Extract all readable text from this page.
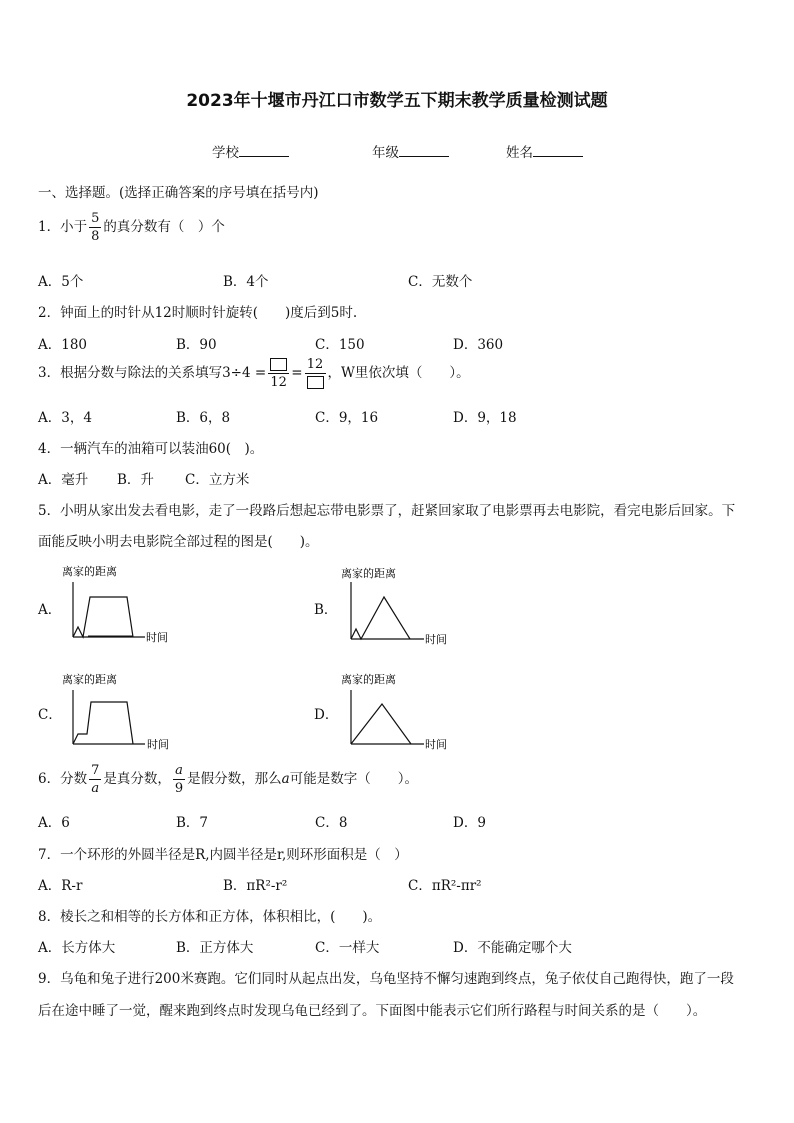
2023年十堰市丹江口市数学五下期末教学质量检测试题
学校	年级	姓名
一、选择题。(选择正确答案的序号填在括号内)
1．小于 $\frac{5}{8}$ 的真分数有（　）个
A．5个	B．4个	C．无数个
2．钟面上的时针从12时顺时针旋转(　　)度后到5时.
A．180	B．90	C．150	D．360
3．根据分数与除法的关系填写3÷4 =
12
=
12
，W里依次填（　　）。
A．3，4	B．6，8	C．9，16	D．9，18
4．一辆汽车的油箱可以装油60(　)。
A．毫升 B．升 C．立方米
5．小明从家出发去看电影，走了一段路后想起忘带电影票了，赶紧回家取了电影票再去电影院，看完电影后回家。下
面能反映小明去电影院全部过程的图是(　　)。
A．	B．
C．	D．
离家的距离
时间
离家的距离
时间
离家的距离
时间
离家的距离
时间
6．分数 $\frac{7}{a}$ 是真分数， $\frac{a}{9}$ 是假分数，那么a可能是数字（　　）。
A．6	B．7	C．8	D．9
7．一个环形的外圆半径是R,内圆半径是r,则环形面积是（　）
A．R-r	B．πR²-r²	C．πR²-πr²
8．棱长之和相等的长方体和正方体，体积相比，(　　)。
A．长方体大	B．正方体大	C．一样大	D．不能确定哪个大
9．乌龟和兔子进行200米赛跑。它们同时从起点出发，乌龟坚持不懈匀速跑到终点，兔子依仗自己跑得快，跑了一段
后在途中睡了一觉，醒来跑到终点时发现乌龟已经到了。下面图中能表示它们所行路程与时间关系的是（　　）。
